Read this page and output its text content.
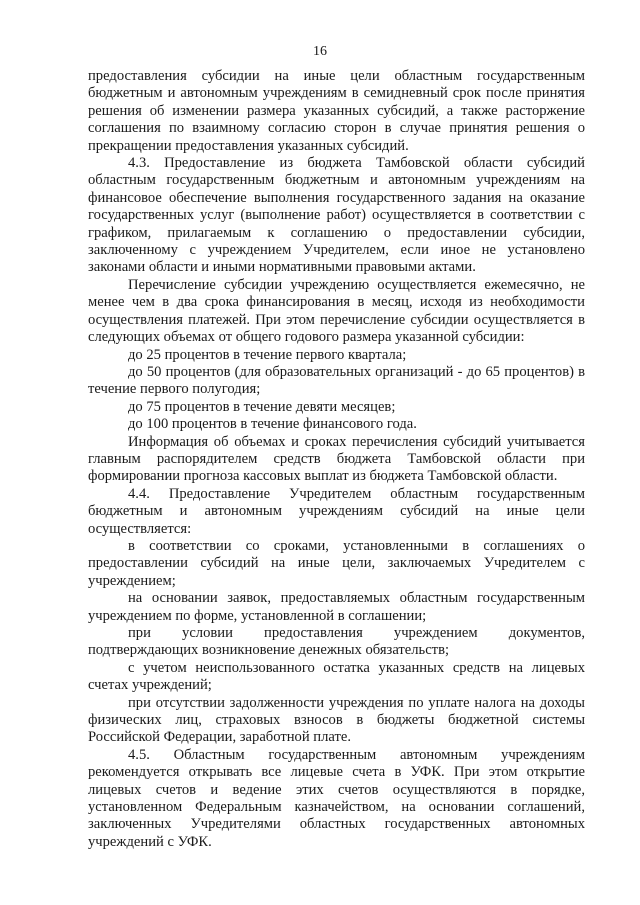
16

предоставления субсидии на иные цели областным государственным бюджетным и автономным учреждениям в семидневный срок после принятия решения об изменении размера указанных субсидий, а также расторжение соглашения по взаимному согласию сторон в случае принятия решения о прекращении предоставления указанных субсидий.

4.3. Предоставление из бюджета Тамбовской области субсидий областным государственным бюджетным и автономным учреждениям на финансовое обеспечение выполнения государственного задания на оказание государственных услуг (выполнение работ) осуществляется в соответствии с графиком, прилагаемым к соглашению о предоставлении субсидии, заключенному с учреждением Учредителем, если иное не установлено законами области и иными нормативными правовыми актами.

Перечисление субсидии учреждению осуществляется ежемесячно, не менее чем в два срока финансирования в месяц, исходя из необходимости осуществления платежей. При этом перечисление субсидии осуществляется в следующих объемах от общего годового размера указанной субсидии:

до 25 процентов в течение первого квартала;

до 50 процентов (для образовательных организаций - до 65 процентов) в течение первого полугодия;

до 75 процентов в течение девяти месяцев;

до 100 процентов в течение финансового года.

Информация об объемах и сроках перечисления субсидий учитывается главным распорядителем средств бюджета Тамбовской области при формировании прогноза кассовых выплат из бюджета Тамбовской области.

4.4. Предоставление Учредителем областным государственным бюджетным и автономным учреждениям субсидий на иные цели осуществляется:

в соответствии со сроками, установленными в соглашениях о предоставлении субсидий на иные цели, заключаемых Учредителем с учреждением;

на основании заявок, предоставляемых областным государственным учреждением по форме, установленной в соглашении;

при условии предоставления учреждением документов, подтверждающих возникновение денежных обязательств;

с учетом неиспользованного остатка указанных средств на лицевых счетах учреждений;

при отсутствии задолженности учреждения по уплате налога на доходы физических лиц, страховых взносов в бюджеты бюджетной системы Российской Федерации, заработной плате.

4.5. Областным государственным автономным учреждениям рекомендуется открывать все лицевые счета в УФК. При этом открытие лицевых счетов и ведение этих счетов осуществляются в порядке, установленном Федеральным казначейством, на основании соглашений, заключенных Учредителями областных государственных автономных учреждений с УФК.
